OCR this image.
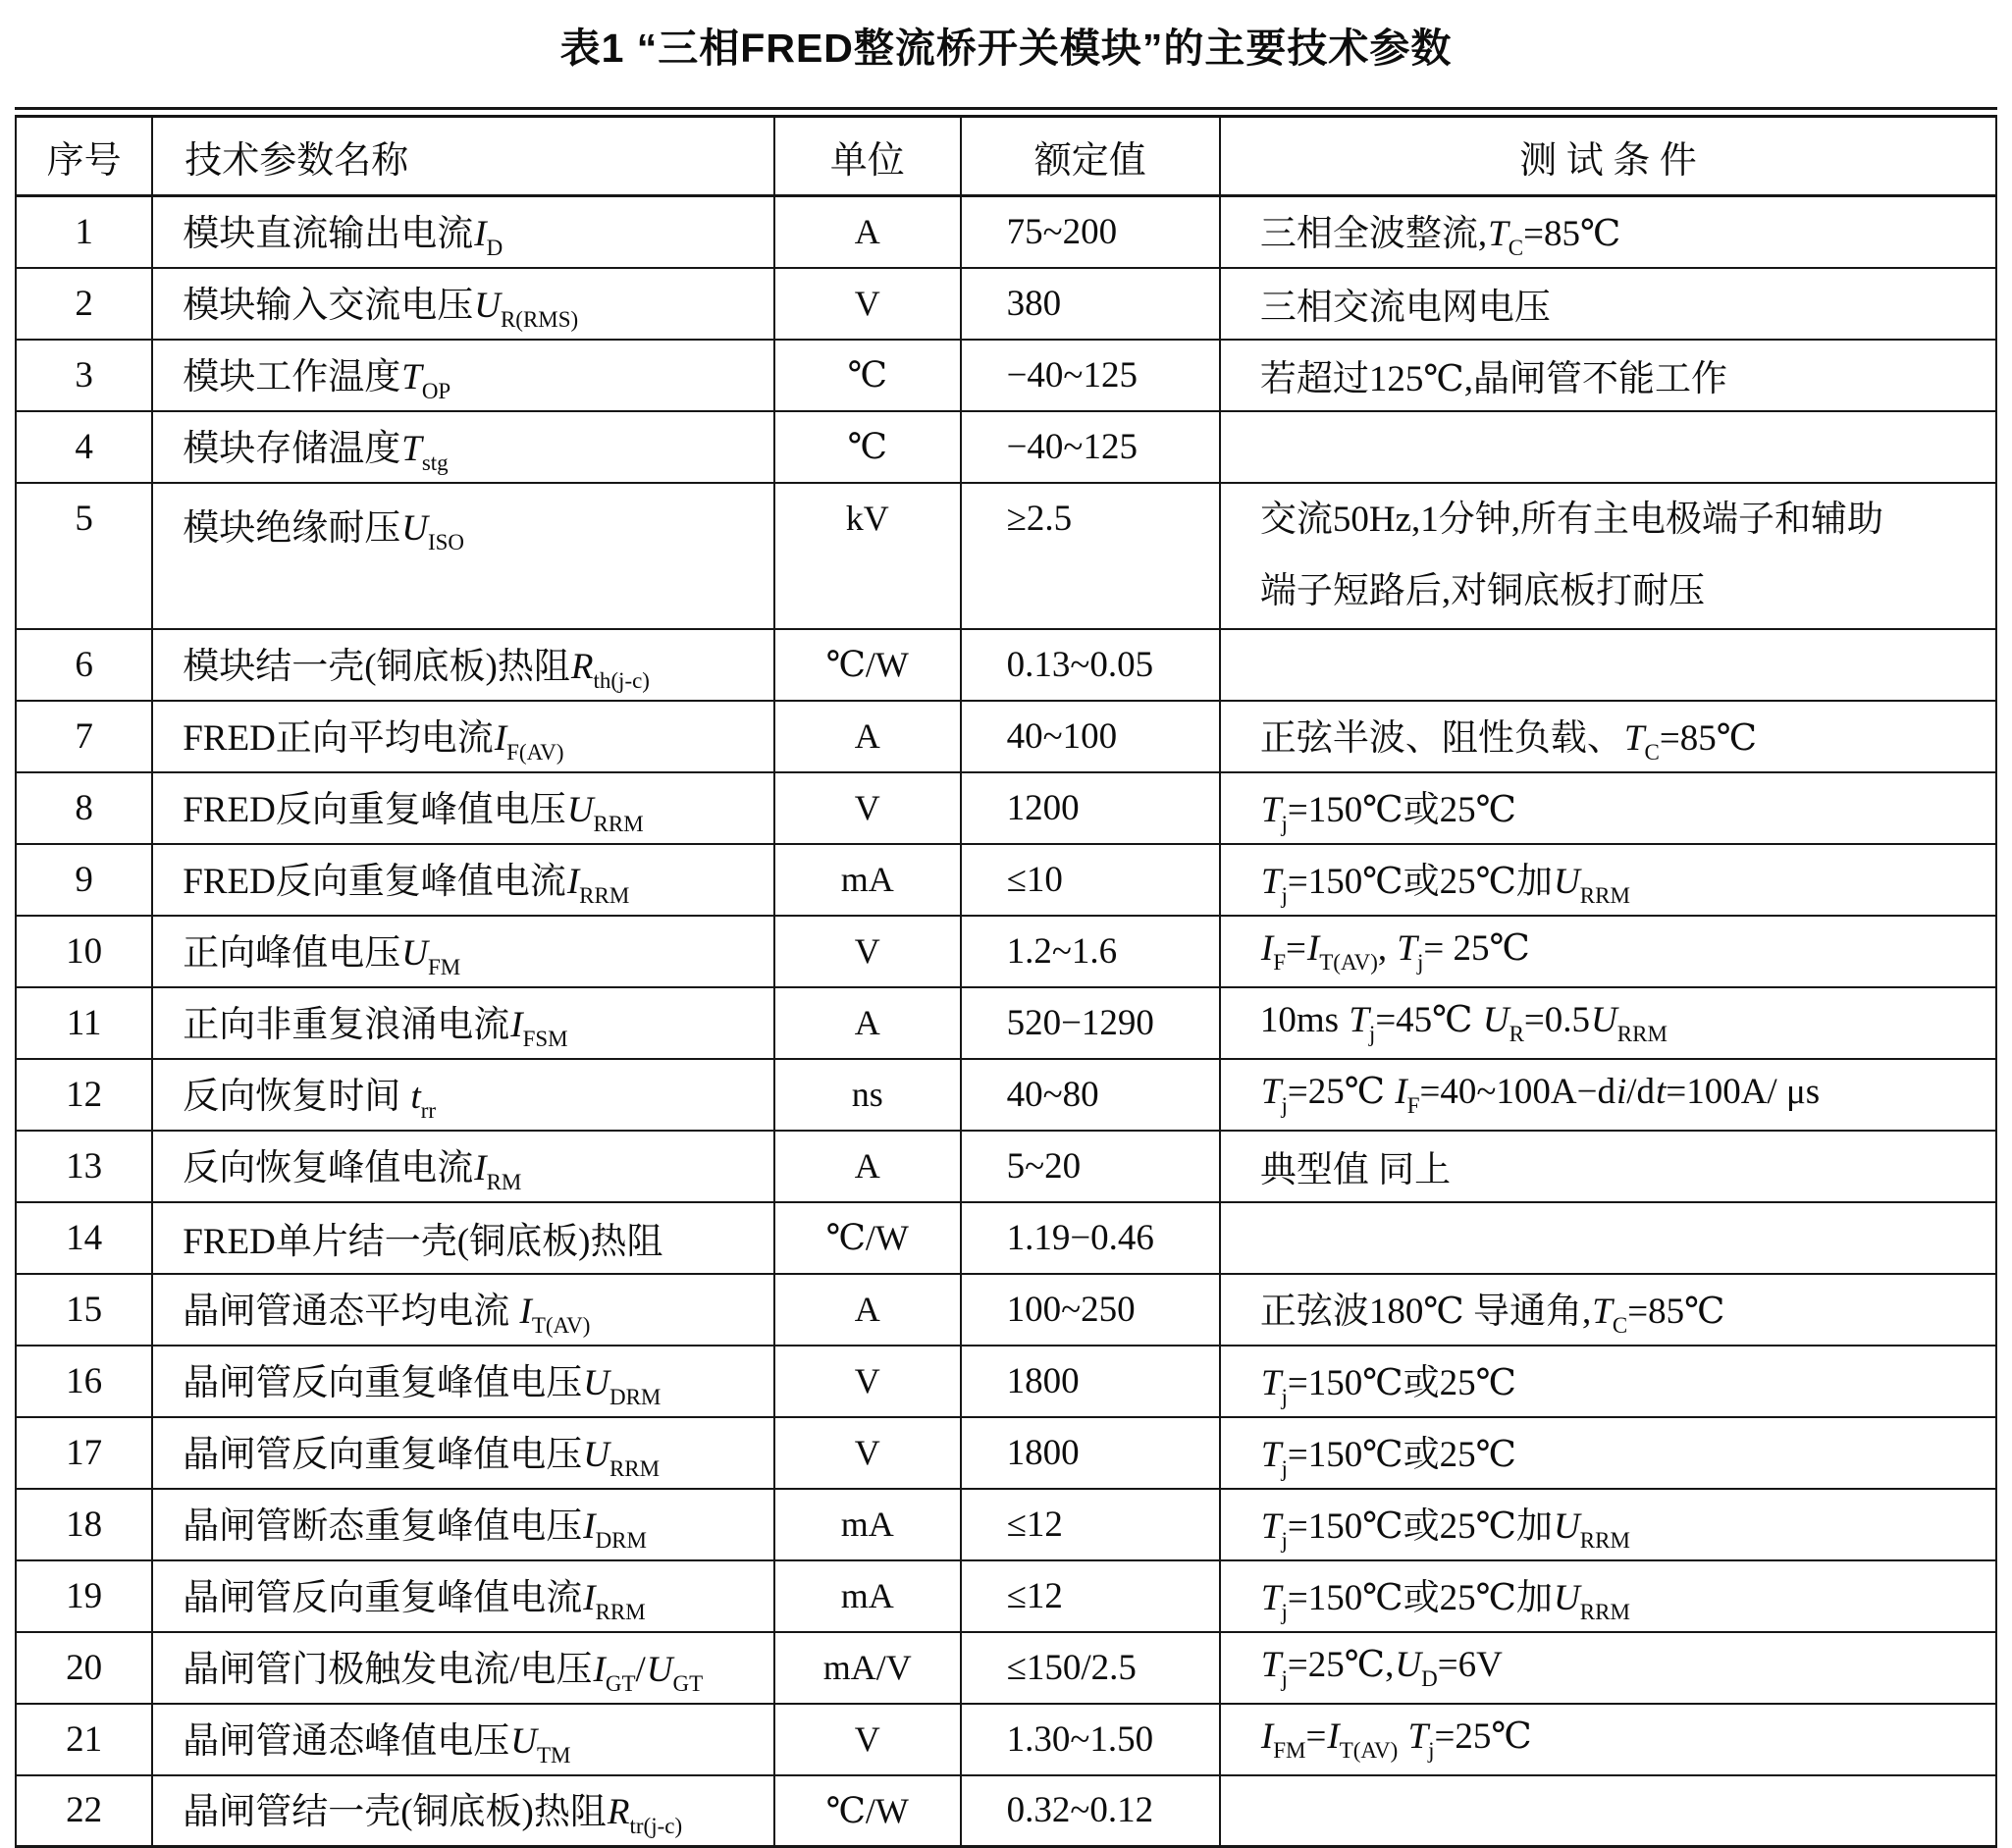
表1 “三相FRED整流桥开关模块”的主要技术参数
序号	技术参数名称	单位	额定值	测 试 条 件
1	模块直流输出电流$I_D$	A	75~200	三相全波整流$,T_C=85℃$
2	模块输入交流电压$U_{R(RMS)}$	V	380	三相交流电网电压
3	模块工作温度$T_{OP}$	℃	−40~125	若超过125℃,晶闸管不能工作
4	模块存储温度$T_{stg}$	℃	−40~125	
5	模块绝缘耐压$U_{ISO}$	kV	≥2.5	交流50Hz,1分钟,所有主电极端子和辅助
端子短路后,对铜底板打耐压
6	模块结一壳(铜底板)热阻$R_{th(j-c)}$	℃/W	0.13~0.05	
7	FRED正向平均电流$I_{F(AV)}$	A	40~100	正弦半波、阻性负载、$T_C=85℃$
8	FRED反向重复峰值电压$U_{RRM}$	V	1200	$T_j=150℃$或25℃
9	FRED反向重复峰值电流$I_{RRM}$	mA	≤10	$T_j=150℃$或25℃加$U_{RRM}$
10	正向峰值电压$U_{FM}$	V	1.2~1.6	$I_F=I_{T(AV)}$, $T_j=$ 25℃
11	正向非重复浪涌电流$I_{FSM}$	A	520−1290	10ms $T_j=45℃$ $U_R=0.5U_{RRM}$
12	反向恢复时间 $t_{rr}$	ns	40~80	$T_j=25℃$ $I_F=40\sim 100A-di/dt=100A/$ μs
13	反向恢复峰值电流$I_{RM}$	A	5~20	典型值 同上
14	FRED单片结一壳(铜底板)热阻	℃/W	1.19−0.46	
15	晶闸管通态平均电流 $I_{T(AV)}$	A	100~250	正弦波180℃ 导通角$,T_C=85℃$
16	晶闸管反向重复峰值电压$U_{DRM}$	V	1800	$T_j=150℃$或25℃
17	晶闸管反向重复峰值电压$U_{RRM}$	V	1800	$T_j=150℃$或25℃
18	晶闸管断态重复峰值电压$I_{DRM}$	mA	≤12	$T_j=150℃$或25℃加$U_{RRM}$
19	晶闸管反向重复峰值电流$I_{RRM}$	mA	≤12	$T_j=150℃$或25℃加$U_{RRM}$
20	晶闸管门极触发电流/电压$I_{GT}/U_{GT}$	mA/V	≤150/2.5	$T_j=25℃,U_D=6V$
21	晶闸管通态峰值电压$U_{TM}$	V	1.30~1.50	$I_{FM}=I_{T(AV)}$ $T_j=25℃$
22	晶闸管结一壳(铜底板)热阻$R_{tr(j-c)}$	℃/W	0.32~0.12	
